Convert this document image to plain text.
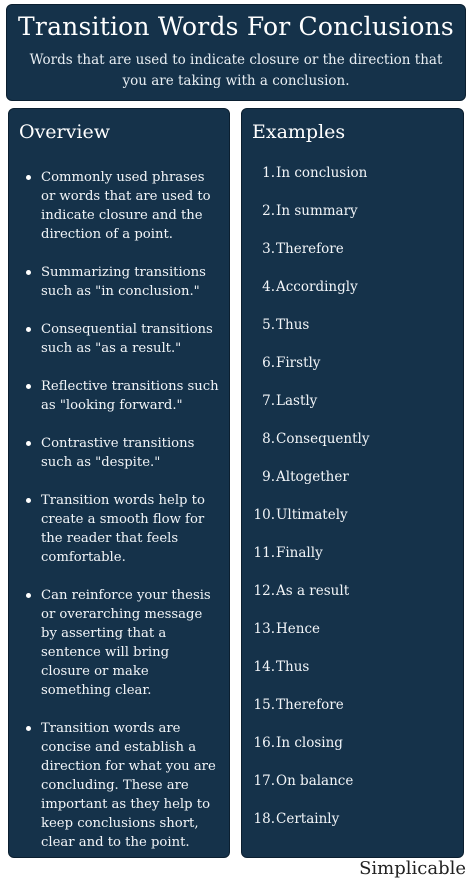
Transition Words For Conclusions
Words that are used to indicate closure or the direction that you are taking with a conclusion.
Overview
Commonly used phrases or words that are used to indicate closure and the direction of a point.
Summarizing transitions such as "in conclusion."
Consequential transitions such as "as a result."
Reflective transitions such as "looking forward."
Contrastive transitions such as "despite."
Transition words help to create a smooth flow for the reader that feels comfortable.
Can reinforce your thesis or overarching message by asserting that a sentence will bring closure or make something clear.
Transition words are concise and establish a direction for what you are concluding. These are important as they help to keep conclusions short, clear and to the point.
Examples
1. In conclusion
2. In summary
3. Therefore
4. Accordingly
5. Thus
6. Firstly
7. Lastly
8. Consequently
9. Altogether
10. Ultimately
11. Finally
12. As a result
13. Hence
14. Thus
15. Therefore
16. In closing
17. On balance
18. Certainly
Simplicable
